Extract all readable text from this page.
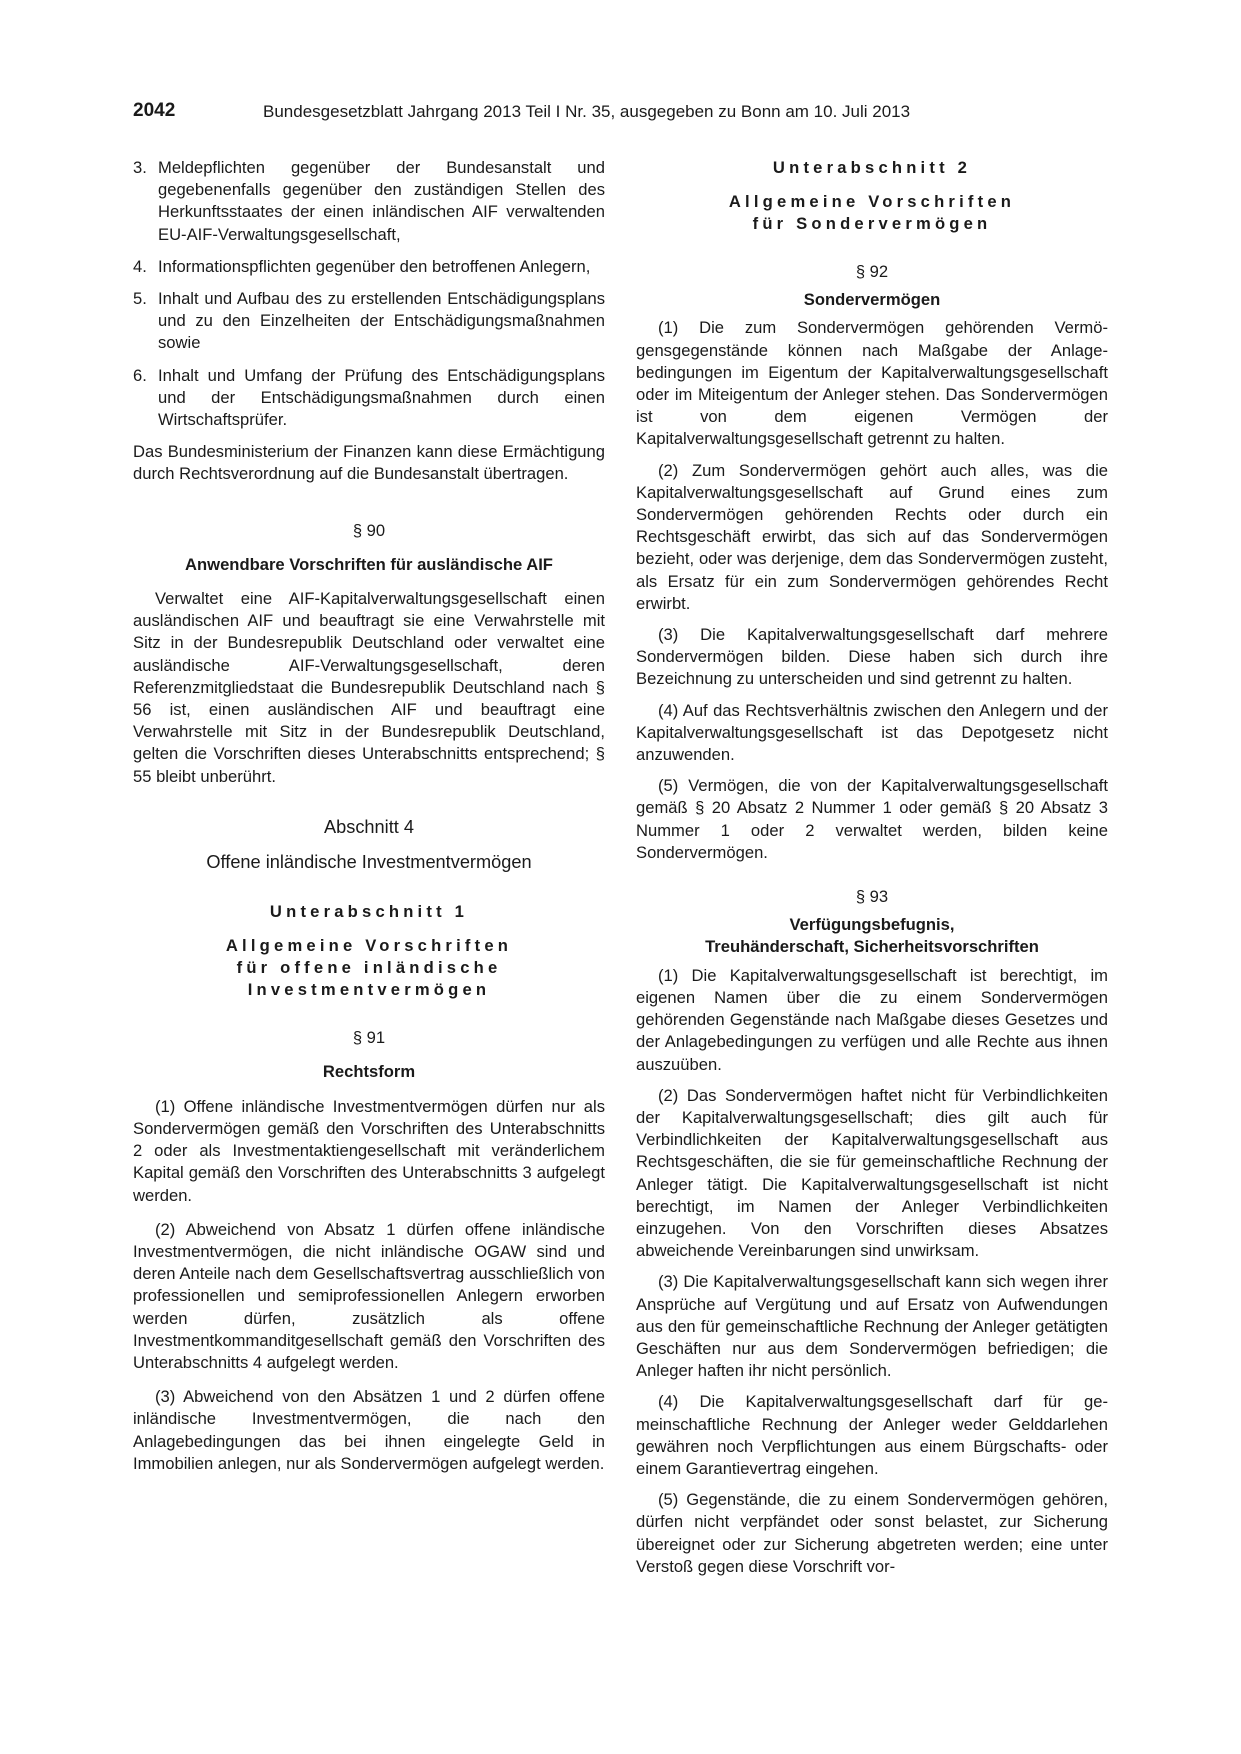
2042	Bundesgesetzblatt Jahrgang 2013 Teil I Nr. 35, ausgegeben zu Bonn am 10. Juli 2013
3. Meldepflichten gegenüber der Bundesanstalt und gegebenenfalls gegenüber den zuständigen Stellen des Herkunftsstaates der einen inländischen AIF verwaltenden EU-AIF-Verwaltungsgesellschaft,
4. Informationspflichten gegenüber den betroffenen Anlegern,
5. Inhalt und Aufbau des zu erstellenden Entschädigungsplans und zu den Einzelheiten der Entschädigungsmaßnahmen sowie
6. Inhalt und Umfang der Prüfung des Entschädigungsplans und der Entschädigungsmaßnahmen durch einen Wirtschaftsprüfer.

Das Bundesministerium der Finanzen kann diese Ermächtigung durch Rechtsverordnung auf die Bundesanstalt übertragen.

§ 90

Anwendbare Vorschriften für ausländische AIF

Verwaltet eine AIF-Kapitalverwaltungsgesellschaft einen ausländischen AIF und beauftragt sie eine Verwahrstelle mit Sitz in der Bundesrepublik Deutschland oder verwaltet eine ausländische AIF-Verwaltungsgesellschaft, deren Referenzmitgliedstaat die Bundesrepublik Deutschland nach § 56 ist, einen ausländischen AIF und beauftragt eine Verwahrstelle mit Sitz in der Bundesrepublik Deutschland, gelten die Vorschriften dieses Unterabschnitts entsprechend; § 55 bleibt unberührt.

Abschnitt 4

Offene inländische Investmentvermögen

Unterabschnitt 1

Allgemeine Vorschriften

für offene inländische

Investmentvermögen

§ 91

Rechtsform

(1) Offene inländische Investmentvermögen dürfen nur als Sondervermögen gemäß den Vorschriften des Unterabschnitts 2 oder als Investmentaktiengesellschaft mit veränderlichem Kapital gemäß den Vorschriften des Unterabschnitts 3 aufgelegt werden.

(2) Abweichend von Absatz 1 dürfen offene inländische Investmentvermögen, die nicht inländische OGAW sind und deren Anteile nach dem Gesellschaftsvertrag ausschließlich von professionellen und semiprofessionellen Anlegern erworben werden dürfen, zusätzlich als offene Investmentkommanditgesellschaft gemäß den Vorschriften des Unterabschnitts 4 aufgelegt werden.

(3) Abweichend von den Absätzen 1 und 2 dürfen offene inländische Investmentvermögen, die nach den Anlagebedingungen das bei ihnen eingelegte Geld in Immobilien anlegen, nur als Sondervermögen aufgelegt werden.

Unterabschnitt 2

Allgemeine Vorschriften

für Sondervermögen

§ 92

Sondervermögen

(1) Die zum Sondervermögen gehörenden Vermögensgegenstände können nach Maßgabe der Anlagebedingungen im Eigentum der Kapitalverwaltungsgesellschaft oder im Miteigentum der Anleger stehen. Das Sondervermögen ist von dem eigenen Vermögen der Kapitalverwaltungsgesellschaft getrennt zu halten.

(2) Zum Sondervermögen gehört auch alles, was die Kapitalverwaltungsgesellschaft auf Grund eines zum Sondervermögen gehörenden Rechts oder durch ein Rechtsgeschäft erwirbt, das sich auf das Sondervermögen bezieht, oder was derjenige, dem das Sondervermögen zusteht, als Ersatz für ein zum Sondervermögen gehörendes Recht erwirbt.

(3) Die Kapitalverwaltungsgesellschaft darf mehrere Sondervermögen bilden. Diese haben sich durch ihre Bezeichnung zu unterscheiden und sind getrennt zu halten.

(4) Auf das Rechtsverhältnis zwischen den Anlegern und der Kapitalverwaltungsgesellschaft ist das Depotgesetz nicht anzuwenden.

(5) Vermögen, die von der Kapitalverwaltungsgesellschaft gemäß § 20 Absatz 2 Nummer 1 oder gemäß § 20 Absatz 3 Nummer 1 oder 2 verwaltet werden, bilden keine Sondervermögen.

§ 93

Verfügungsbefugnis,

Treuhänderschaft, Sicherheitsvorschriften

(1) Die Kapitalverwaltungsgesellschaft ist berechtigt, im eigenen Namen über die zu einem Sondervermögen gehörenden Gegenstände nach Maßgabe dieses Gesetzes und der Anlagebedingungen zu verfügen und alle Rechte aus ihnen auszuüben.

(2) Das Sondervermögen haftet nicht für Verbindlichkeiten der Kapitalverwaltungsgesellschaft; dies gilt auch für Verbindlichkeiten der Kapitalverwaltungsgesellschaft aus Rechtsgeschäften, die sie für gemeinschaftliche Rechnung der Anleger tätigt. Die Kapitalverwaltungsgesellschaft ist nicht berechtigt, im Namen der Anleger Verbindlichkeiten einzugehen. Von den Vorschriften dieses Absatzes abweichende Vereinbarungen sind unwirksam.

(3) Die Kapitalverwaltungsgesellschaft kann sich wegen ihrer Ansprüche auf Vergütung und auf Ersatz von Aufwendungen aus den für gemeinschaftliche Rechnung der Anleger getätigten Geschäften nur aus dem Sondervermögen befriedigen; die Anleger haften ihr nicht persönlich.

(4) Die Kapitalverwaltungsgesellschaft darf für gemeinschaftliche Rechnung der Anleger weder Gelddarlehen gewähren noch Verpflichtungen aus einem Bürgschafts- oder einem Garantievertrag eingehen.

(5) Gegenstände, die zu einem Sondervermögen gehören, dürfen nicht verpfändet oder sonst belastet, zur Sicherung übereignet oder zur Sicherung abgetreten werden; eine unter Verstoß gegen diese Vorschrift vor-
